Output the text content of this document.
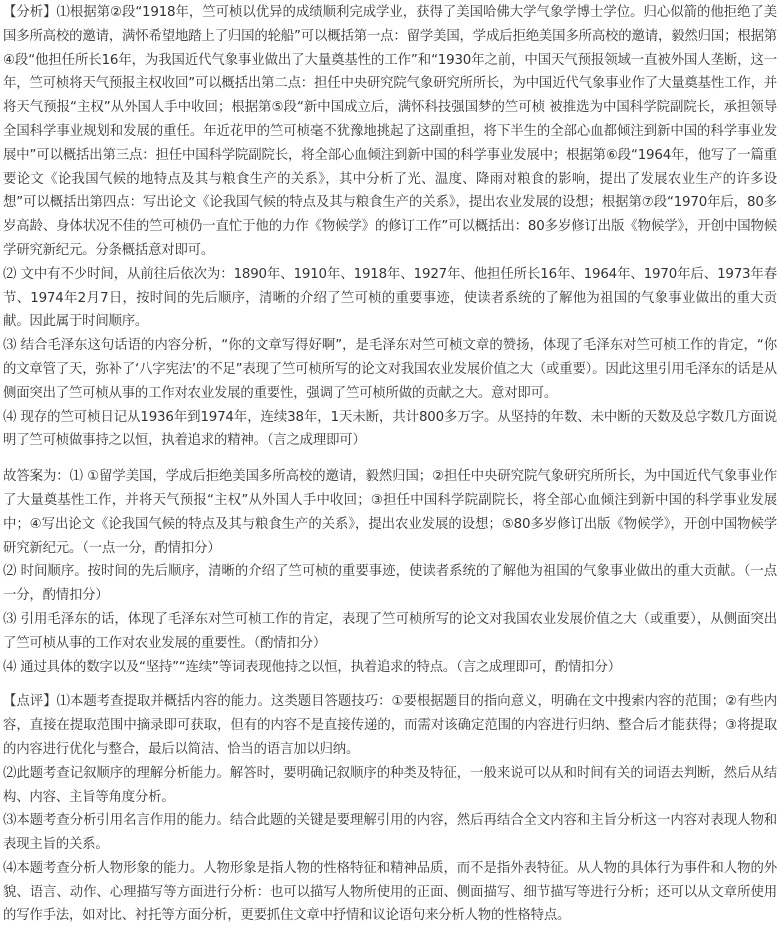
【分析】⑴根据第②段“1918年，竺可桢以优异的成绩顺利完成学业，获得了美国哈佛大学气象学博士学位。归心似箭的他拒绝了美国多所高校的邀请，满怀希望地踏上了归国的轮船”可以概括第一点：留学美国，学成后拒绝美国多所高校的邀请，毅然归国；根据第④段“他担任所长16年，为我国近代气象事业做出了大量奠基性的工作”和“1930年之前，中国天气预报领域一直被外国人垄断，这一年，竺可桢将天气预报主权收回”可以概括出第二点：担任中央研究院气象研究所所长，为中国近代气象事业作了大量奠基性工作，并将天气预报“主权”从外国人手中收回；根据第⑤段“新中国成立后，满怀科技强国梦的竺可桢 被推选为中国科学院副院长，承担领导全国科学事业规划和发展的重任。年近花甲的竺可桢毫不犹豫地挑起了这副重担，将下半生的全部心血都倾注到新中国的科学事业发展中”可以概括出第三点：担任中国科学院副院长，将全部心血倾注到新中国的科学事业发展中；根据第⑥段“1964年，他写了一篇重要论文《论我国气候的地特点及其与粮食生产的关系》，其中分析了光、温度、降雨对粮食的影响，提出了发展农业生产的许多设想”可以概括出第四点：写出论文《论我国气候的特点及其与粮食生产的关系》，提出农业发展的设想；根据第⑦段“1970年后，80多岁高龄、身体状况不佳的竺可桢仍一直忙于他的力作《物候学》的修订工作”可以概括出：80多岁修订出版《物候学》，开创中国物候学研究新纪元。分条概括意对即可。

⑵ 文中有不少时间，从前往后依次为：1890年、1910年、1918年、1927年、他担任所长16年、1964年、1970年后、1973年春节、1974年2月7日，按时间的先后顺序，清晰的介绍了竺可桢的重要事迹，使读者系统的了解他为祖国的气象事业做出的重大贡献。因此属于时间顺序。

⑶ 结合毛泽东这句话语的内容分析，“你的文章写得好啊”，是毛泽东对竺可桢文章的赞扬，体现了毛泽东对竺可桢工作的肯定，“你的文章管了天，弥补了‘八字宪法’的不足”表现了竺可桢所写的论文对我国农业发展价值之大（或重要）。因此这里引用毛泽东的话是从侧面突出了竺可桢从事的工作对农业发展的重要性，强调了竺可桢所做的贡献之大。意对即可。

⑷ 现存的竺可桢日记从1936年到1974年，连续38年，1天未断，共计800多万字。从坚持的年数、未中断的天数及总字数几方面说明了竺可桢做事持之以恒，执着追求的精神。（言之成理即可）

故答案为：⑴ ①留学美国，学成后拒绝美国多所高校的邀请，毅然归国；②担任中央研究院气象研究所所长，为中国近代气象事业作了大量奠基性工作，并将天气预报“主权”从外国人手中收回；③担任中国科学院副院长，将全部心血倾注到新中国的科学事业发展中；④写出论文《论我国气候的特点及其与粮食生产的关系》，提出农业发展的设想；⑤80多岁修订出版《物候学》，开创中国物候学研究新纪元。（一点一分，酌情扣分）

⑵ 时间顺序。按时间的先后顺序，清晰的介绍了竺可桢的重要事迹，使读者系统的了解他为祖国的气象事业做出的重大贡献。（一点一分，酌情扣分）

⑶ 引用毛泽东的话，体现了毛泽东对竺可桢工作的肯定，表现了竺可桢所写的论文对我国农业发展价值之大（或重要），从侧面突出了竺可桢从事的工作对农业发展的重要性。（酌情扣分）

⑷ 通过具体的数字以及“坚持”“连续”等词表现他持之以恒，执着追求的特点。（言之成理即可，酌情扣分）

【点评】⑴本题考查提取并概括内容的能力。这类题目答题技巧：①要根据题目的指向意义，明确在文中搜索内容的范围；②有些内容，直接在提取范围中摘录即可获取，但有的内容不是直接传递的，而需对该确定范围的内容进行归纳、整合后才能获得；③将提取的内容进行优化与整合，最后以简洁、恰当的语言加以归纳。

⑵此题考查记叙顺序的理解分析能力。解答时，要明确记叙顺序的种类及特征，一般来说可以从和时间有关的词语去判断，然后从结构、内容、主旨等角度分析。

⑶本题考查分析引用名言作用的能力。结合此题的关键是要理解引用的内容，然后再结合全文内容和主旨分析这一内容对表现人物和表现主旨的关系。

⑷本题考查分析人物形象的能力。人物形象是指人物的性格特征和精神品质，而不是指外表特征。从人物的具体行为事件和人物的外貌、语言、动作、心理描写等方面进行分析：也可以描写人物所使用的正面、侧面描写、细节描写等进行分析；还可以从文章所使用的写作手法，如对比、衬托等方面分析，更要抓住文章中抒情和议论语句来分析人物的性格特点。
